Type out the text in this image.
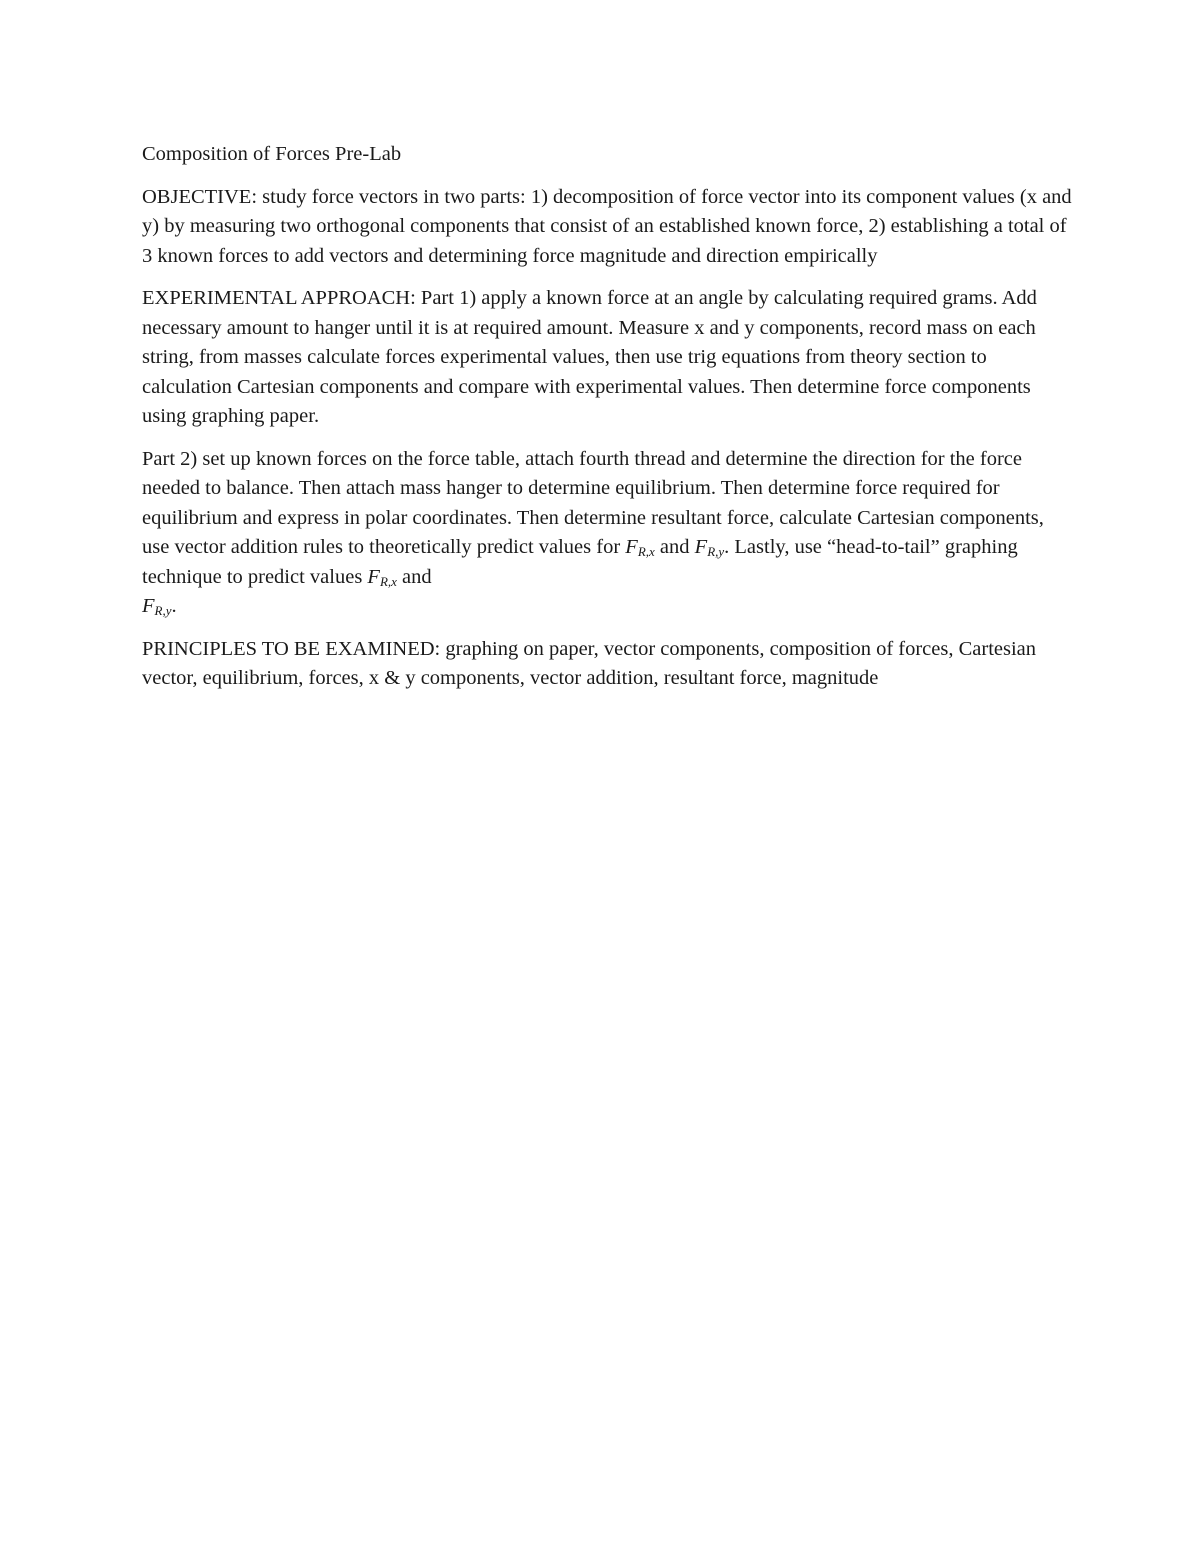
Composition of Forces Pre-Lab

OBJECTIVE: study force vectors in two parts: 1) decomposition of force vector into its component values (x and y) by measuring two orthogonal components that consist of an established known force, 2) establishing a total of 3 known forces to add vectors and determining force magnitude and direction empirically

EXPERIMENTAL APPROACH: Part 1) apply a known force at an angle by calculating required grams. Add necessary amount to hanger until it is at required amount. Measure x and y components, record mass on each string, from masses calculate forces experimental values, then use trig equations from theory section to calculation Cartesian components and compare with experimental values. Then determine force components using graphing paper.

Part 2) set up known forces on the force table, attach fourth thread and determine the direction for the force needed to balance. Then attach mass hanger to determine equilibrium. Then determine force required for equilibrium and express in polar coordinates. Then determine resultant force, calculate Cartesian components, use vector addition rules to theoretically predict values for $F_{R,x}$ and $F_{R,y}$. Lastly, use “head-to-tail” graphing technique to predict values $F_{R,x}$ and
$F_{R,y}$.

PRINCIPLES TO BE EXAMINED: graphing on paper, vector components, composition of forces, Cartesian vector, equilibrium, forces, x & y components, vector addition, resultant force, magnitude
